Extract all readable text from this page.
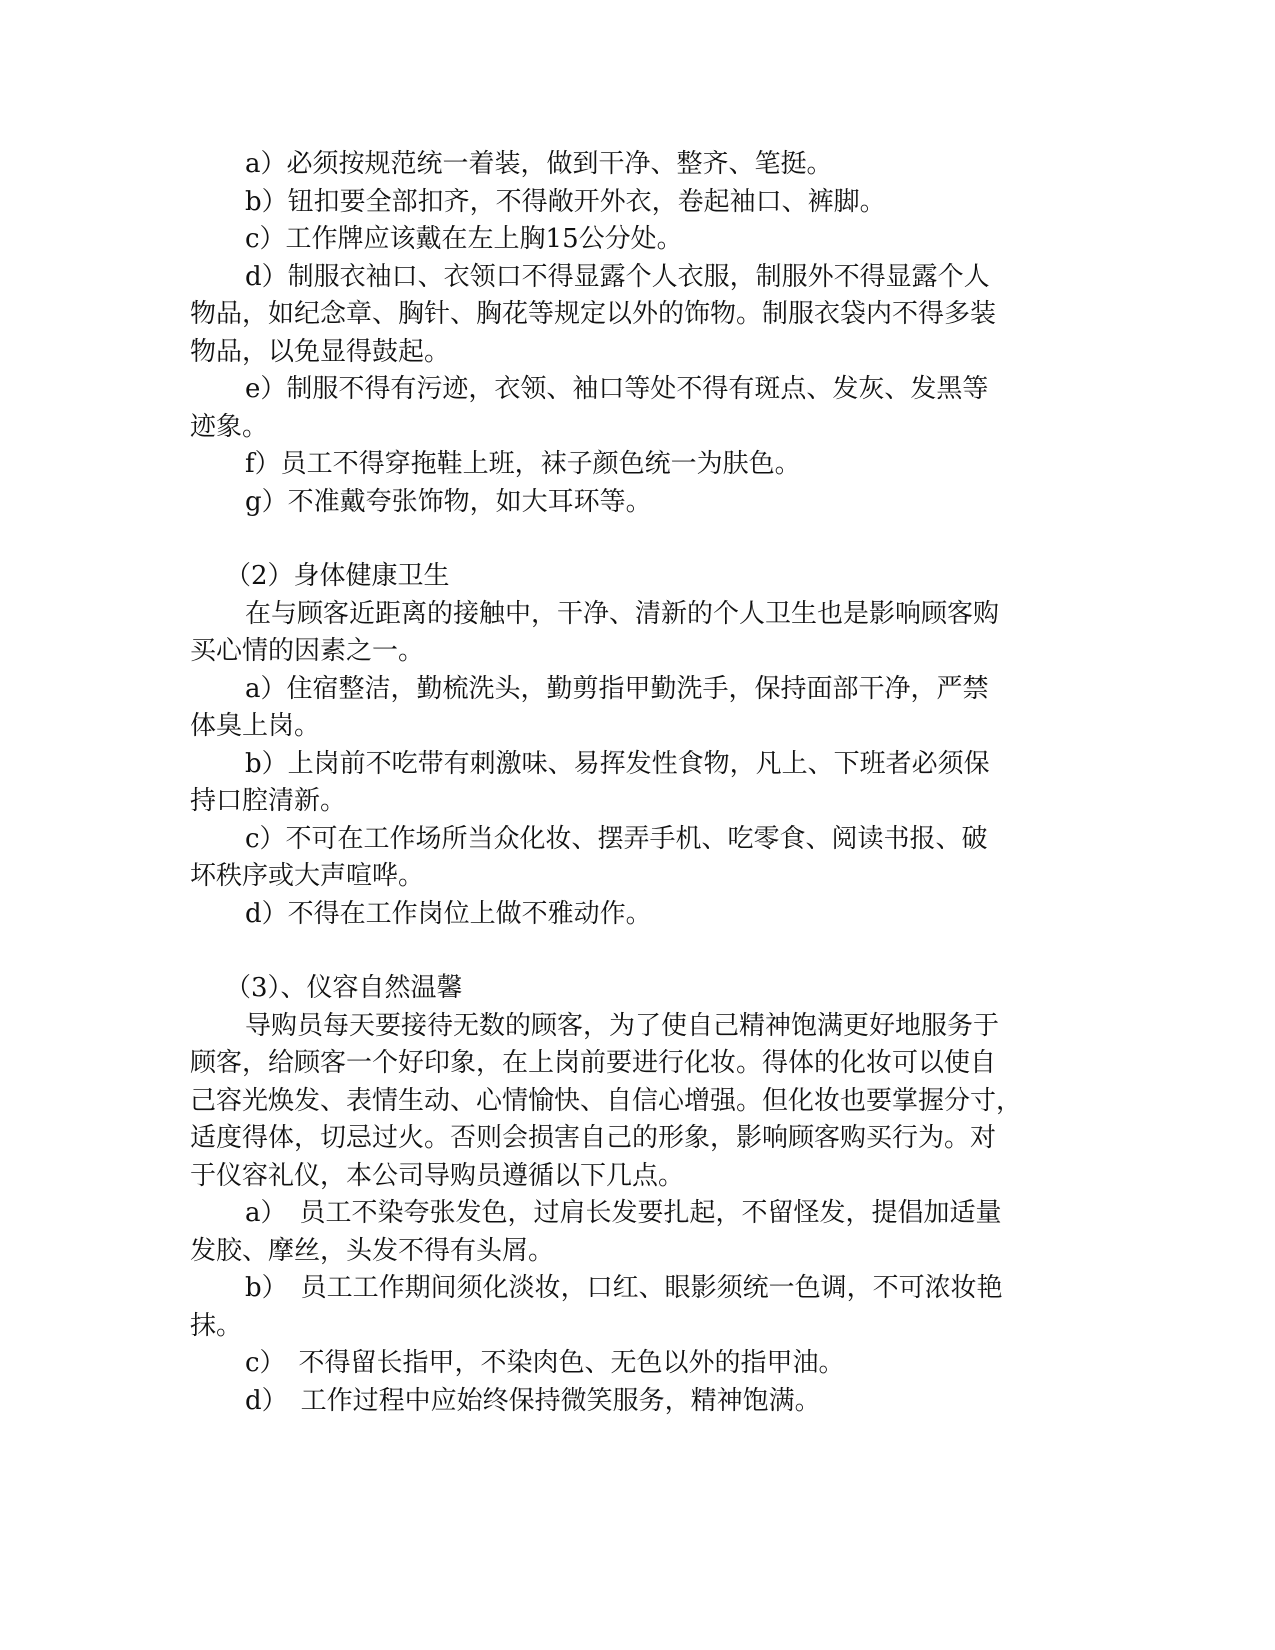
a）必须按规范统一着装，做到干净、整齐、笔挺。

b）钮扣要全部扣齐，不得敞开外衣，卷起袖口、裤脚。

c）工作牌应该戴在左上胸15公分处。

d）制服衣袖口、衣领口不得显露个人衣服，制服外不得显露个人

物品，如纪念章、胸针、胸花等规定以外的饰物。制服衣袋内不得多装

物品，以免显得鼓起。

e）制服不得有污迹，衣领、袖口等处不得有斑点、发灰、发黑等

迹象。

f）员工不得穿拖鞋上班，袜子颜色统一为肤色。

g）不准戴夸张饰物，如大耳环等。

（2）身体健康卫生

在与顾客近距离的接触中，干净、清新的个人卫生也是影响顾客购

买心情的因素之一。

a）住宿整洁，勤梳洗头，勤剪指甲勤洗手，保持面部干净，严禁

体臭上岗。

b）上岗前不吃带有刺激味、易挥发性食物，凡上、下班者必须保

持口腔清新。

c）不可在工作场所当众化妆、摆弄手机、吃零食、阅读书报、破

坏秩序或大声喧哗。

d）不得在工作岗位上做不雅动作。

（3）、仪容自然温馨

导购员每天要接待无数的顾客，为了使自己精神饱满更好地服务于

顾客，给顾客一个好印象，在上岗前要进行化妆。得体的化妆可以使自

己容光焕发、表情生动、心情愉快、自信心增强。但化妆也要掌握分寸，

适度得体，切忌过火。否则会损害自己的形象，影响顾客购买行为。对

于仪容礼仪，本公司导购员遵循以下几点。

a）　员工不染夸张发色，过肩长发要扎起，不留怪发，提倡加适量

发胶、摩丝，头发不得有头屑。

b）　员工工作期间须化淡妆，口红、眼影须统一色调，不可浓妆艳

抹。

c）　不得留长指甲，不染肉色、无色以外的指甲油。

d）　工作过程中应始终保持微笑服务，精神饱满。
